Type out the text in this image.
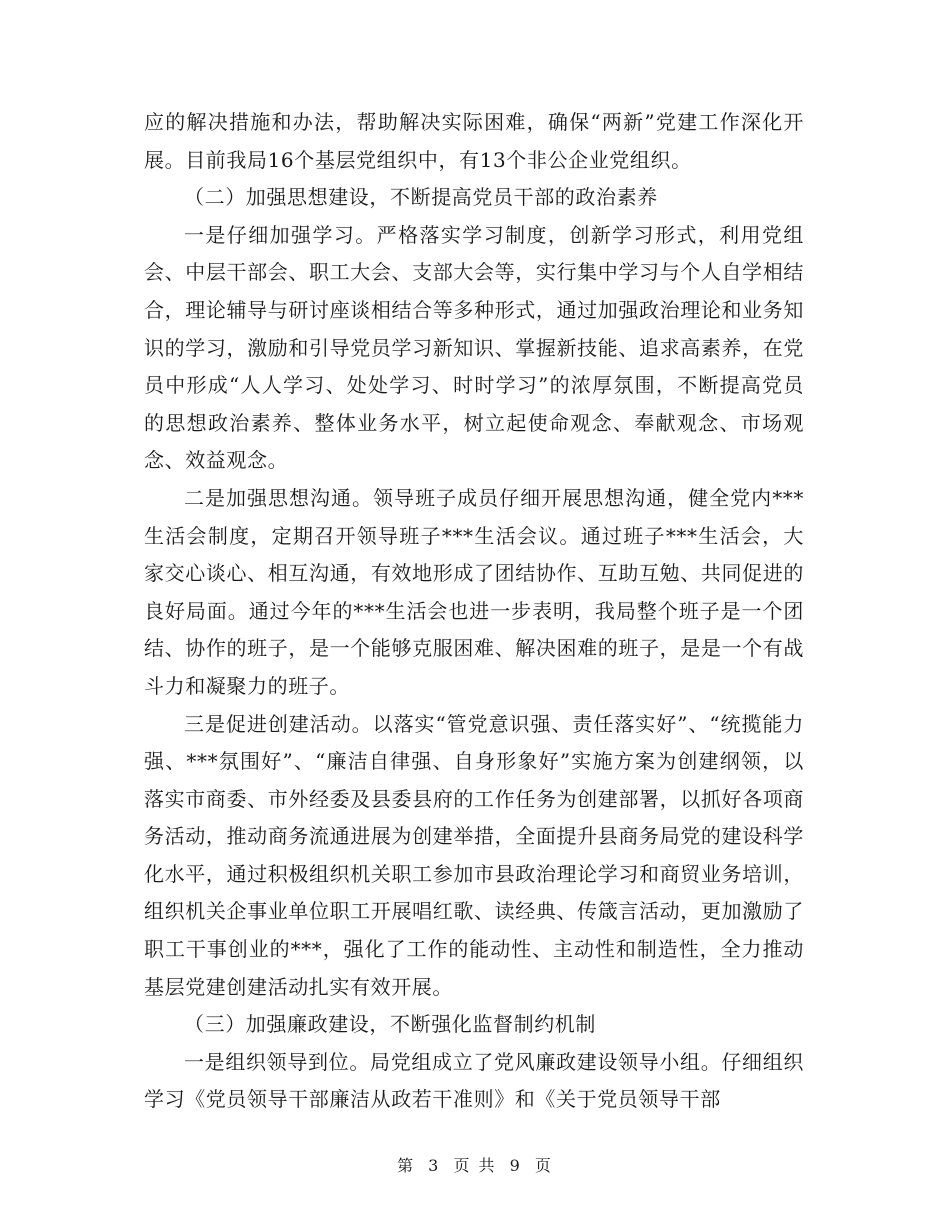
应的解决措施和办法，帮助解决实际困难，确保“两新”党建工作深化开展。目前我局16个基层党组织中，有13个非公企业党组织。

（二）加强思想建设，不断提高党员干部的政治素养

一是仔细加强学习。严格落实学习制度，创新学习形式，利用党组会、中层干部会、职工大会、支部大会等，实行集中学习与个人自学相结合，理论辅导与研讨座谈相结合等多种形式，通过加强政治理论和业务知识的学习，激励和引导党员学习新知识、掌握新技能、追求高素养，在党员中形成“人人学习、处处学习、时时学习”的浓厚氛围，不断提高党员的思想政治素养、整体业务水平，树立起使命观念、奉献观念、市场观念、效益观念。

二是加强思想沟通。领导班子成员仔细开展思想沟通，健全党内***生活会制度，定期召开领导班子***生活会议。通过班子***生活会，大家交心谈心、相互沟通，有效地形成了团结协作、互助互勉、共同促进的良好局面。通过今年的***生活会也进一步表明，我局整个班子是一个团结、协作的班子，是一个能够克服困难、解决困难的班子，是是一个有战斗力和凝聚力的班子。

三是促进创建活动。以落实“管党意识强、责任落实好”、“统揽能力强、***氛围好”、“廉洁自律强、自身形象好”实施方案为创建纲领，以落实市商委、市外经委及县委县府的工作任务为创建部署，以抓好各项商务活动，推动商务流通进展为创建举措，全面提升县商务局党的建设科学化水平，通过积极组织机关职工参加市县政治理论学习和商贸业务培训，组织机关企事业单位职工开展唱红歌、读经典、传箴言活动，更加激励了职工干事创业的***，强化了工作的能动性、主动性和制造性，全力推动基层党建创建活动扎实有效开展。

（三）加强廉政建设，不断强化监督制约机制

一是组织领导到位。局党组成立了党风廉政建设领导小组。仔细组织学习《党员领导干部廉洁从政若干准则》和《关于党员领导干部

第 3 页 共 9 页
